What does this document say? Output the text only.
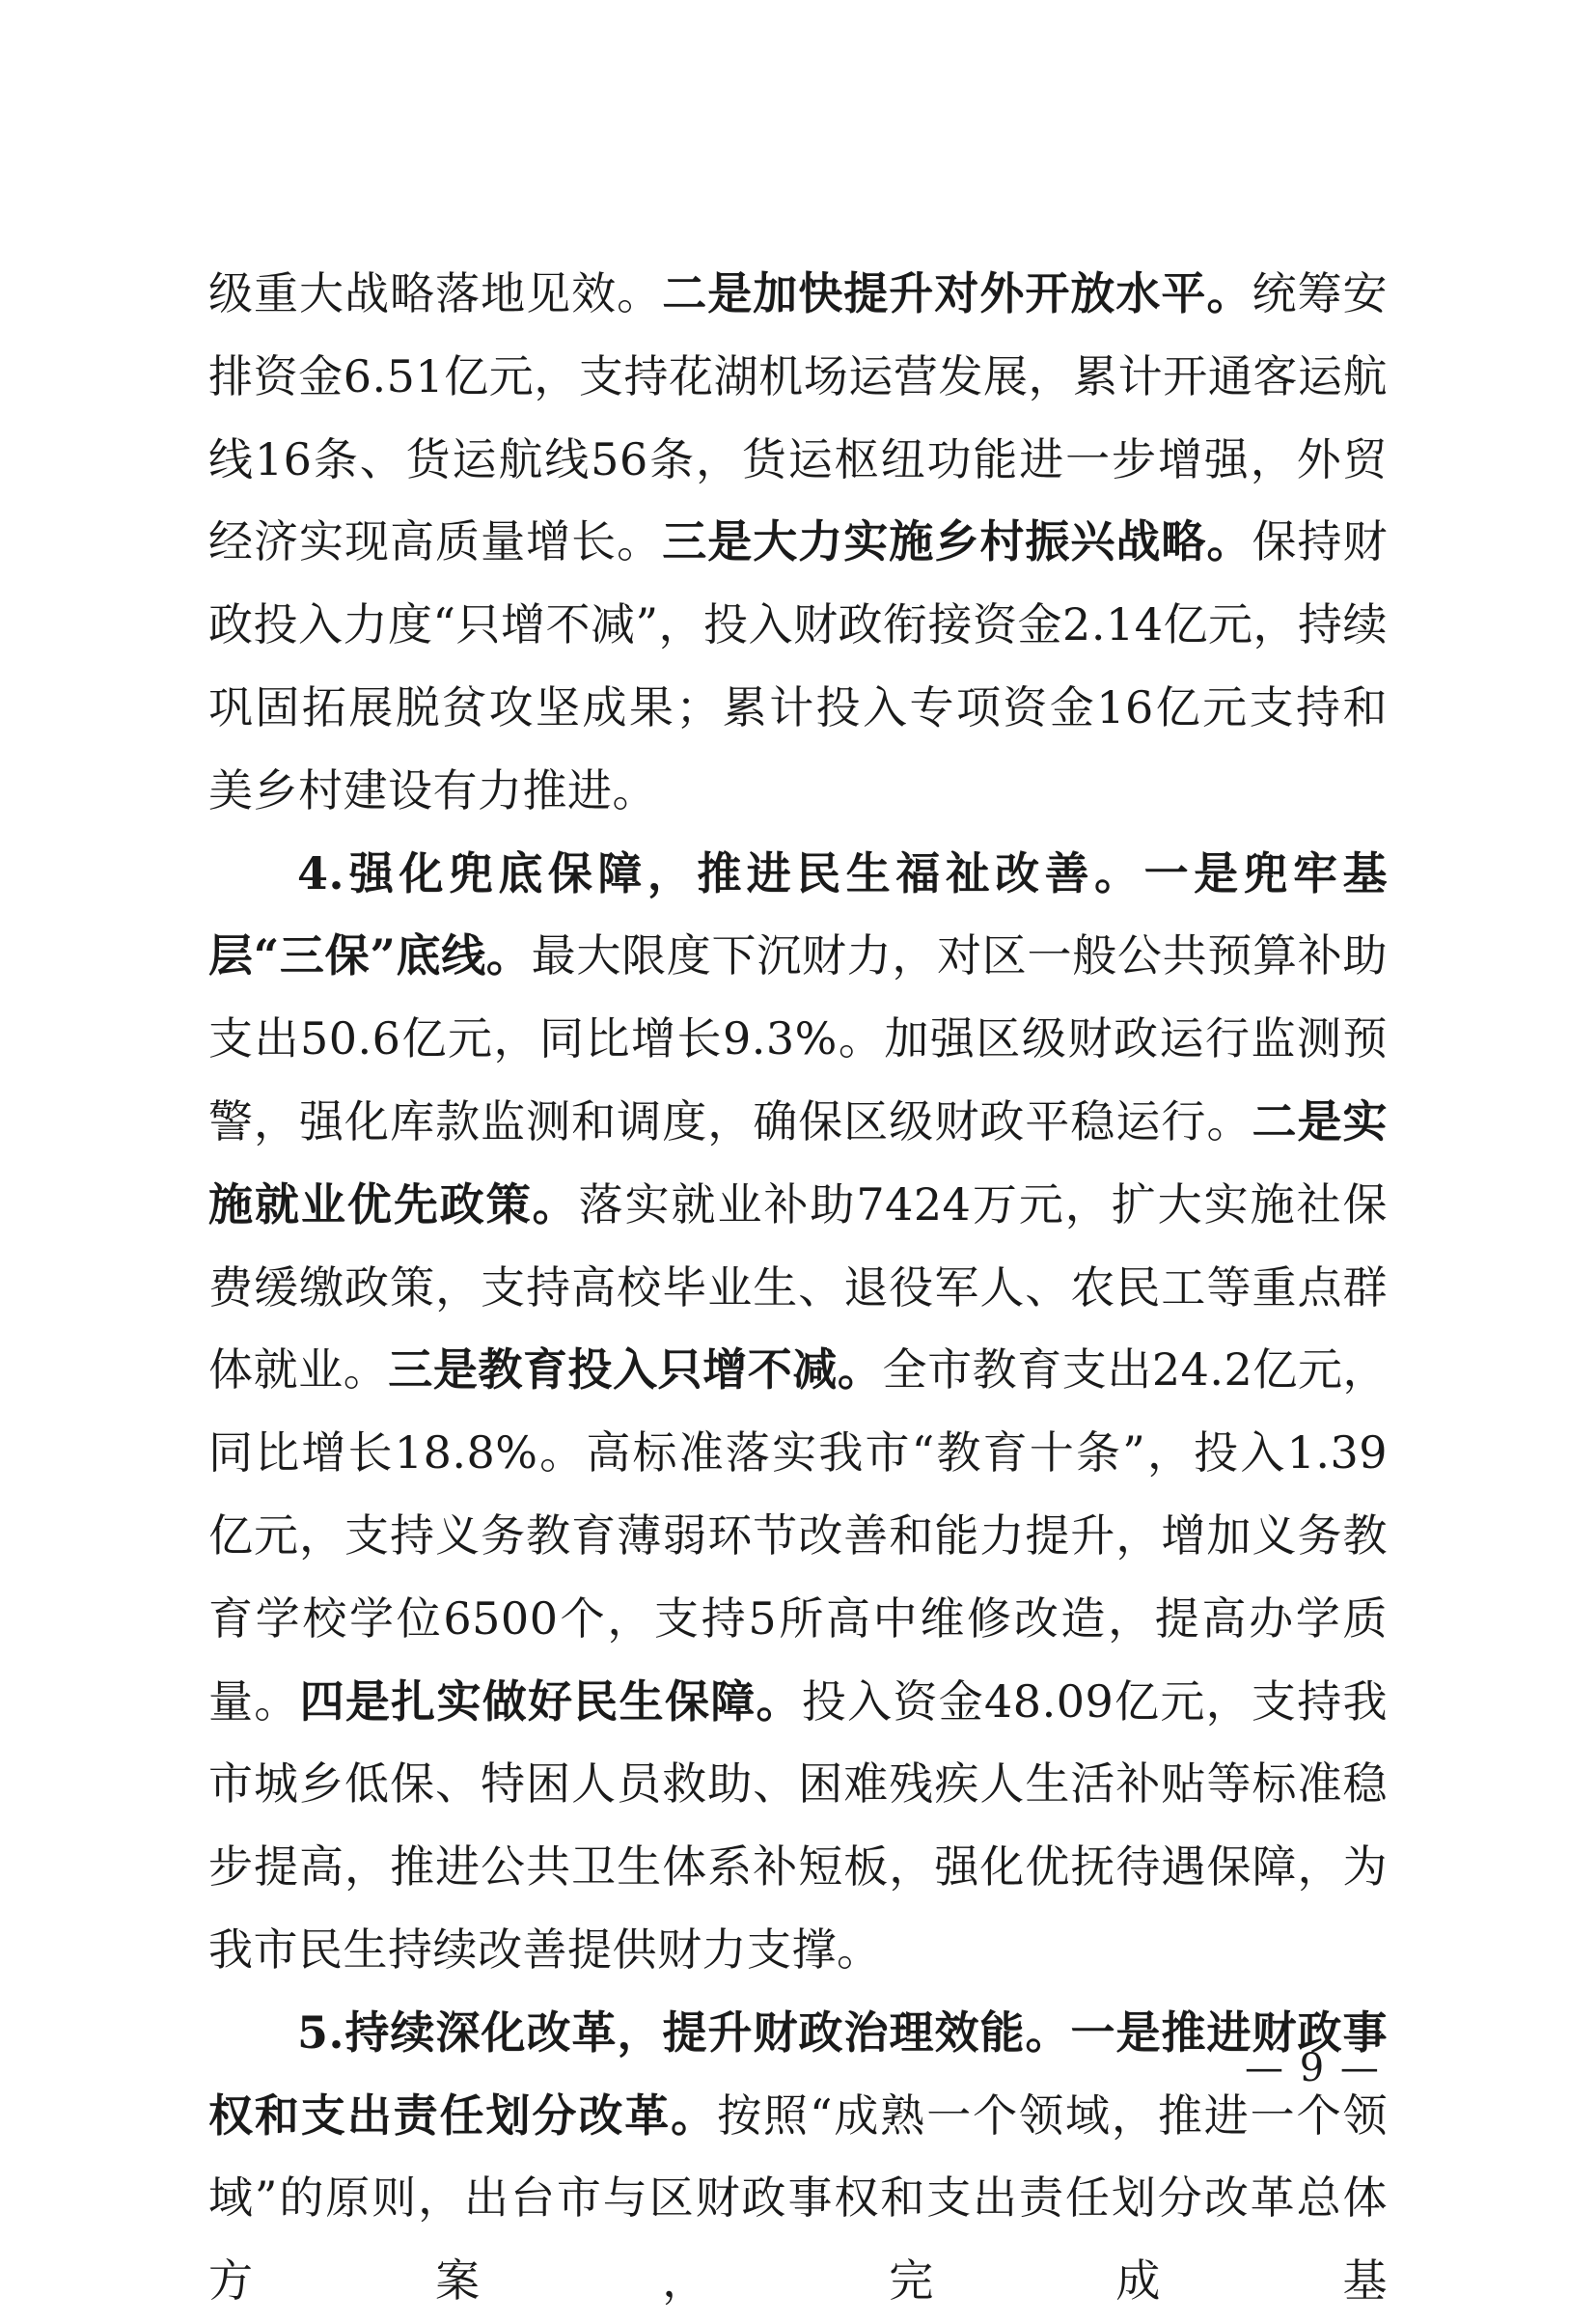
级重大战略落地见效。二是加快提升对外开放水平。统筹安排资金6.51亿元，支持花湖机场运营发展，累计开通客运航线16条、货运航线56条，货运枢纽功能进一步增强，外贸经济实现高质量增长。三是大力实施乡村振兴战略。保持财政投入力度“只增不减”，投入财政衔接资金2.14亿元，持续巩固拓展脱贫攻坚成果；累计投入专项资金16亿元支持和美乡村建设有力推进。

4.强化兜底保障，推进民生福祉改善。一是兜牢基层“三保”底线。最大限度下沉财力，对区一般公共预算补助支出50.6亿元，同比增长9.3%。加强区级财政运行监测预警，强化库款监测和调度，确保区级财政平稳运行。二是实施就业优先政策。落实就业补助7424万元，扩大实施社保费缓缴政策，支持高校毕业生、退役军人、农民工等重点群体就业。三是教育投入只增不减。全市教育支出24.2亿元，同比增长18.8%。高标准落实我市“教育十条”，投入1.39亿元，支持义务教育薄弱环节改善和能力提升，增加义务教育学校学位6500个，支持5所高中维修改造，提高办学质量。四是扎实做好民生保障。投入资金48.09亿元，支持我市城乡低保、特困人员救助、困难残疾人生活补贴等标准稳步提高，推进公共卫生体系补短板，强化优抚待遇保障，为我市民生持续改善提供财力支撑。

5.持续深化改革，提升财政治理效能。一是推进财政事权和支出责任划分改革。按照“成熟一个领域，推进一个领域”的原则，出台市与区财政事权和支出责任划分改革总体方案，完成基

— 9 —
